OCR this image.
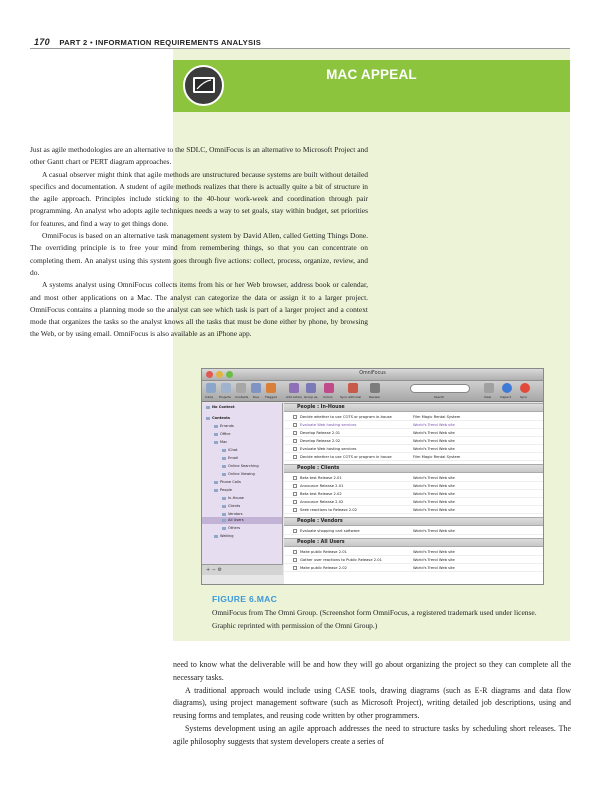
170 PART 2 • INFORMATION REQUIREMENTS ANALYSIS
MAC APPEAL

Just as agile methodologies are an alternative to the SDLC, OmniFocus is an alternative to Microsoft Project and other Gantt chart or PERT diagram approaches.

A casual observer might think that agile methods are unstructured because systems are built without detailed specifics and documentation. A student of agile methods realizes that there is actually quite a bit of structure in the agile approach. Principles include sticking to the 40-hour work-week and coordination through pair programming. An analyst who adopts agile techniques needs a way to set goals, stay within budget, set priorities for features, and find a way to get things done.

OmniFocus is based on an alternative task management system by David Allen, called Getting Things Done. The overriding principle is to free your mind from remembering things, so that you can concentrate on completing them. An analyst using this system goes through five actions: collect, process, organize, review, and do.

A systems analyst using OmniFocus collects items from his or her Web browser, address book or calendar, and most other applications on a Mac. The analyst can categorize the data or assign it to a larger project. OmniFocus contains a planning mode so the analyst can see which task is part of a larger project and a context mode that organizes the tasks so the analyst knows all the tasks that must be done either by phone, by browsing the Web, or by using email. OmniFocus is also available as an iPhone app.

OmniFocus
Inbox Projects Contexts Due Flagged	Add Action Group as Colors	Sync with iCal	Review	Search	View	Inspect	Sync
No Context
Contexts
Errands
Office
Mac
iChat
Email
Online Searching
Online Viewing
Phone Calls
People
In-House
Clients
Vendors
All Users
Others
Waiting
+ − ⚙
People : In-House
Decide whether to use COTS or program in-house	Film Magic Rental System
Evaluate Web hosting services	World's Trend Web site
Develop Release 2.01	World's Trend Web site
Develop Release 2.02	World's Trend Web site
Evaluate Web hosting services	World's Trend Web site
Decide whether to use COTS or program in house	Film Magic Rental System
People : Clients
Beta test Release 2.01	World's Trend Web site
Announce Release 2.01	World's Trend Web site
Beta test Release 2.02	World's Trend Web site
Announce Release 2.02	World's Trend Web site
Seek reactions to Release 2.02	World's Trend Web site
People : Vendors
Evaluate shopping cart software	World's Trend Web site
People : All Users
Make public Release 2.01	World's Trend Web site
Gather user reactions to Public Release 2.01	World's Trend Web site
Make public Release 2.02	World's Trend Web site
FIGURE 6.MAC
OmniFocus from The Omni Group. (Screenshot form OmniFocus, a registered trademark used under license. Graphic reprinted with permission of the Omni Group.)

need to know what the deliverable will be and how they will go about organizing the project so they can complete all the necessary tasks.

A traditional approach would include using CASE tools, drawing diagrams (such as E-R diagrams and data flow diagrams), using project management software (such as Microsoft Project), writing detailed job descriptions, using and reusing forms and templates, and reusing code written by other programmers.

Systems development using an agile approach addresses the need to structure tasks by scheduling short releases. The agile philosophy suggests that system developers create a series of
